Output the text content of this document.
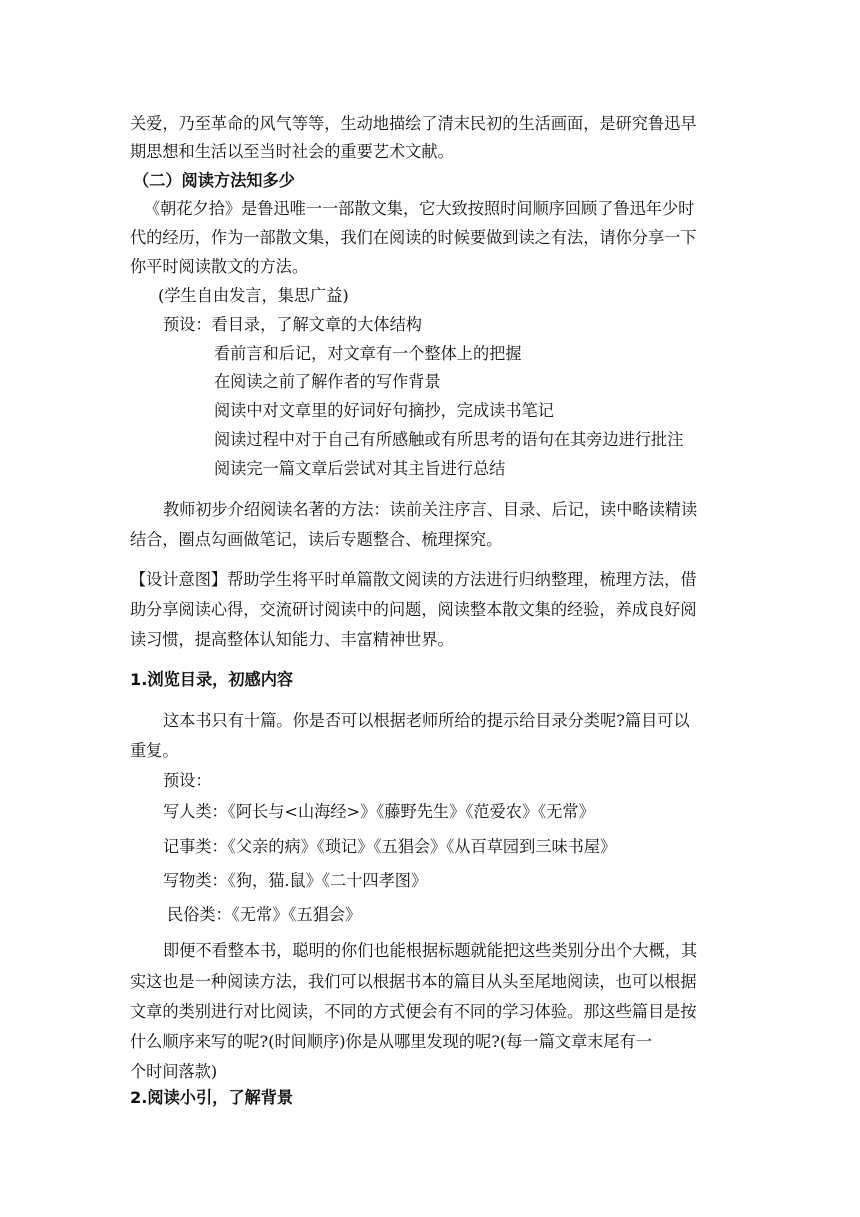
关爱，乃至革命的风气等等，生动地描绘了清末民初的生活画面，是研究鲁迅早
期思想和生活以至当时社会的重要艺术文献。
（二）阅读方法知多少
《朝花夕拾》是鲁迅唯一一部散文集，它大致按照时间顺序回顾了鲁迅年少时
代的经历，作为一部散文集，我们在阅读的时候要做到读之有法，请你分享一下
你平时阅读散文的方法。
(学生自由发言，集思广益)
预设：看目录，了解文章的大体结构
看前言和后记，对文章有一个整体上的把握
在阅读之前了解作者的写作背景
阅读中对文章里的好词好句摘抄，完成读书笔记
阅读过程中对于自己有所感触或有所思考的语句在其旁边进行批注
阅读完一篇文章后尝试对其主旨进行总结
教师初步介绍阅读名著的方法：读前关注序言、目录、后记，读中略读精读
结合，圈点勾画做笔记，读后专题整合、梳理探究。
【设计意图】帮助学生将平时单篇散文阅读的方法进行归纳整理，梳理方法，借
助分享阅读心得，交流研讨阅读中的问题，阅读整本散文集的经验，养成良好阅
读习惯，提高整体认知能力、丰富精神世界。
1.浏览目录，初感内容
这本书只有十篇。你是否可以根据老师所给的提示给目录分类呢?篇目可以
重复。
预设：
写人类：《阿长与<山海经>》《藤野先生》《范爱农》《无常》
记事类：《父亲的病》《琐记》《五猖会》《从百草园到三味书屋》
写物类：《狗，猫.鼠》《二十四孝图》
民俗类：《无常》《五猖会》
即便不看整本书，聪明的你们也能根据标题就能把这些类别分出个大概，其
实这也是一种阅读方法，我们可以根据书本的篇目从头至尾地阅读，也可以根据
文章的类别进行对比阅读，不同的方式便会有不同的学习体验。那这些篇目是按
什么顺序来写的呢?(时间顺序)你是从哪里发现的呢?(每一篇文章末尾有一
个时间落款)
2.阅读小引，了解背景
